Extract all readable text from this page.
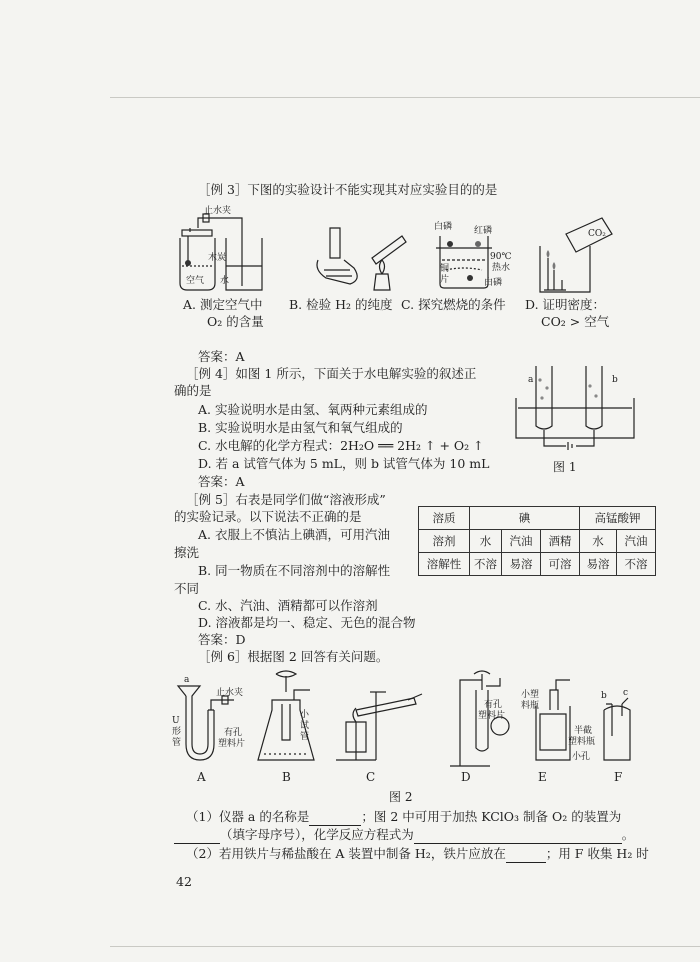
［例 3］下图的实验设计不能实现其对应实验目的的是
止水夹
木炭
空气 水
白磷 红磷
铜
片
90℃
热水
白磷
CO₂
A. 测定空气中
O₂ 的含量
B. 检验 H₂ 的纯度 C. 探究燃烧的条件 D. 证明密度：
CO₂ > 空气
答案：A
［例 4］如图 1 所示，下面关于水电解实验的叙述正
确的是
A. 实验说明水是由氢、氧两种元素组成的
B. 实验说明水是由氢气和氧气组成的
C. 水电解的化学方程式：2H₂O ══ 2H₂ ↑ + O₂ ↑
D. 若 a 试管气体为 5 mL，则 b 试管气体为 10 mL
答案：A
a	b
图 1
［例 5］右表是同学们做“溶液形成”
的实验记录。以下说法不正确的是
A. 衣服上不慎沾上碘酒，可用汽油
擦洗
B. 同一物质在不同溶剂中的溶解性
不同
C. 水、汽油、酒精都可以作溶剂
D. 溶液都是均一、稳定、无色的混合物
答案：D
溶质	碘			高锰酸钾	
溶剂	水	汽油	酒精	水	汽油
溶解性	不溶	易溶	可溶	易溶	不溶
［例 6］根据图 2 回答有关问题。
a
止水夹
U
形
管
有孔
塑料片
小
试
管
有孔
塑料片
小塑
料瓶
半截
塑料瓶
小孔
b c
A	B	C	D	E	F
图 2
（1）仪器 a 的名称是	；图 2 中可用于加热 KClO₃ 制备 O₂ 的装置为
（填字母序号），化学反应方程式为	。
（2）若用铁片与稀盐酸在 A 装置中制备 H₂，铁片应放在	；用 F 收集 H₂ 时
42
